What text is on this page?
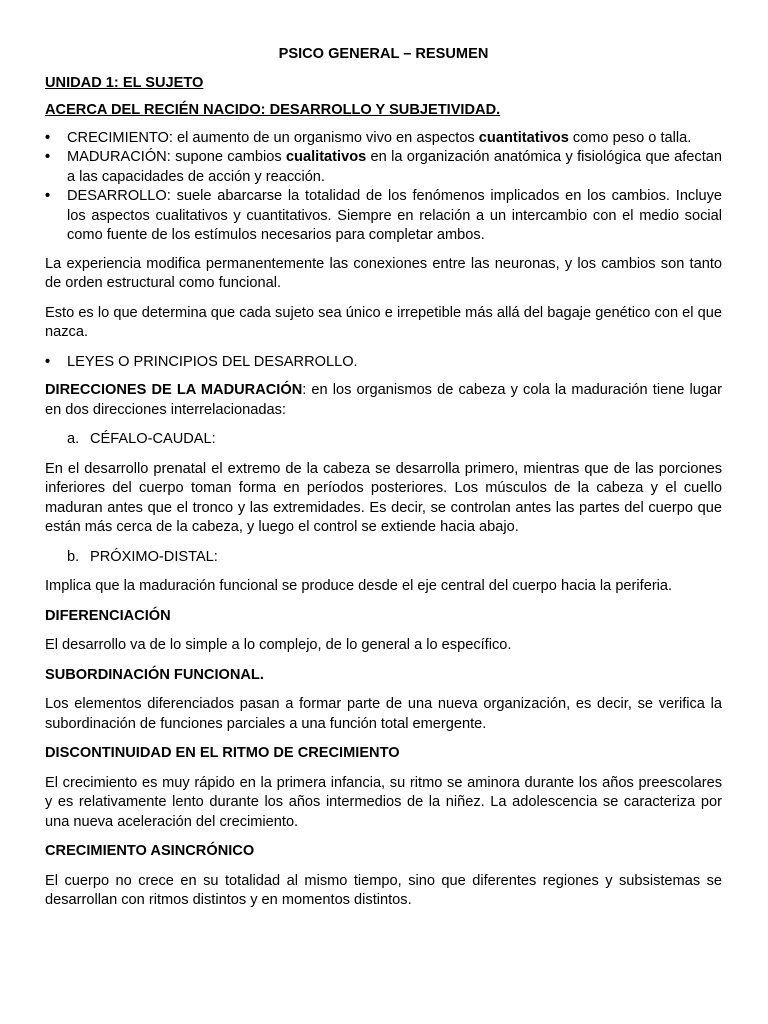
PSICO GENERAL – RESUMEN
UNIDAD 1: EL SUJETO
ACERCA DEL RECIÉN NACIDO: DESARROLLO Y SUBJETIVIDAD.
• CRECIMIENTO: el aumento de un organismo vivo en aspectos cuantitativos como peso o talla.
• MADURACIÓN: supone cambios cualitativos en la organización anatómica y fisiológica que afectan a las capacidades de acción y reacción.
• DESARROLLO: suele abarcarse la totalidad de los fenómenos implicados en los cambios. Incluye los aspectos cualitativos y cuantitativos. Siempre en relación a un intercambio con el medio social como fuente de los estímulos necesarios para completar ambos.

La experiencia modifica permanentemente las conexiones entre las neuronas, y los cambios son tanto de orden estructural como funcional.

Esto es lo que determina que cada sujeto sea único e irrepetible más allá del bagaje genético con el que nazca.

• LEYES O PRINCIPIOS DEL DESARROLLO.

DIRECCIONES DE LA MADURACIÓN: en los organismos de cabeza y cola la maduración tiene lugar en dos direcciones interrelacionadas:

a. CÉFALO-CAUDAL:

En el desarrollo prenatal el extremo de la cabeza se desarrolla primero, mientras que de las porciones inferiores del cuerpo toman forma en períodos posteriores. Los músculos de la cabeza y el cuello maduran antes que el tronco y las extremidades. Es decir, se controlan antes las partes del cuerpo que están más cerca de la cabeza, y luego el control se extiende hacia abajo.

b. PRÓXIMO-DISTAL:

Implica que la maduración funcional se produce desde el eje central del cuerpo hacia la periferia.

DIFERENCIACIÓN

El desarrollo va de lo simple a lo complejo, de lo general a lo específico.

SUBORDINACIÓN FUNCIONAL.

Los elementos diferenciados pasan a formar parte de una nueva organización, es decir, se verifica la subordinación de funciones parciales a una función total emergente.

DISCONTINUIDAD EN EL RITMO DE CRECIMIENTO

El crecimiento es muy rápido en la primera infancia, su ritmo se aminora durante los años preescolares y es relativamente lento durante los años intermedios de la niñez. La adolescencia se caracteriza por una nueva aceleración del crecimiento.

CRECIMIENTO ASINCRÓNICO

El cuerpo no crece en su totalidad al mismo tiempo, sino que diferentes regiones y subsistemas se desarrollan con ritmos distintos y en momentos distintos.
